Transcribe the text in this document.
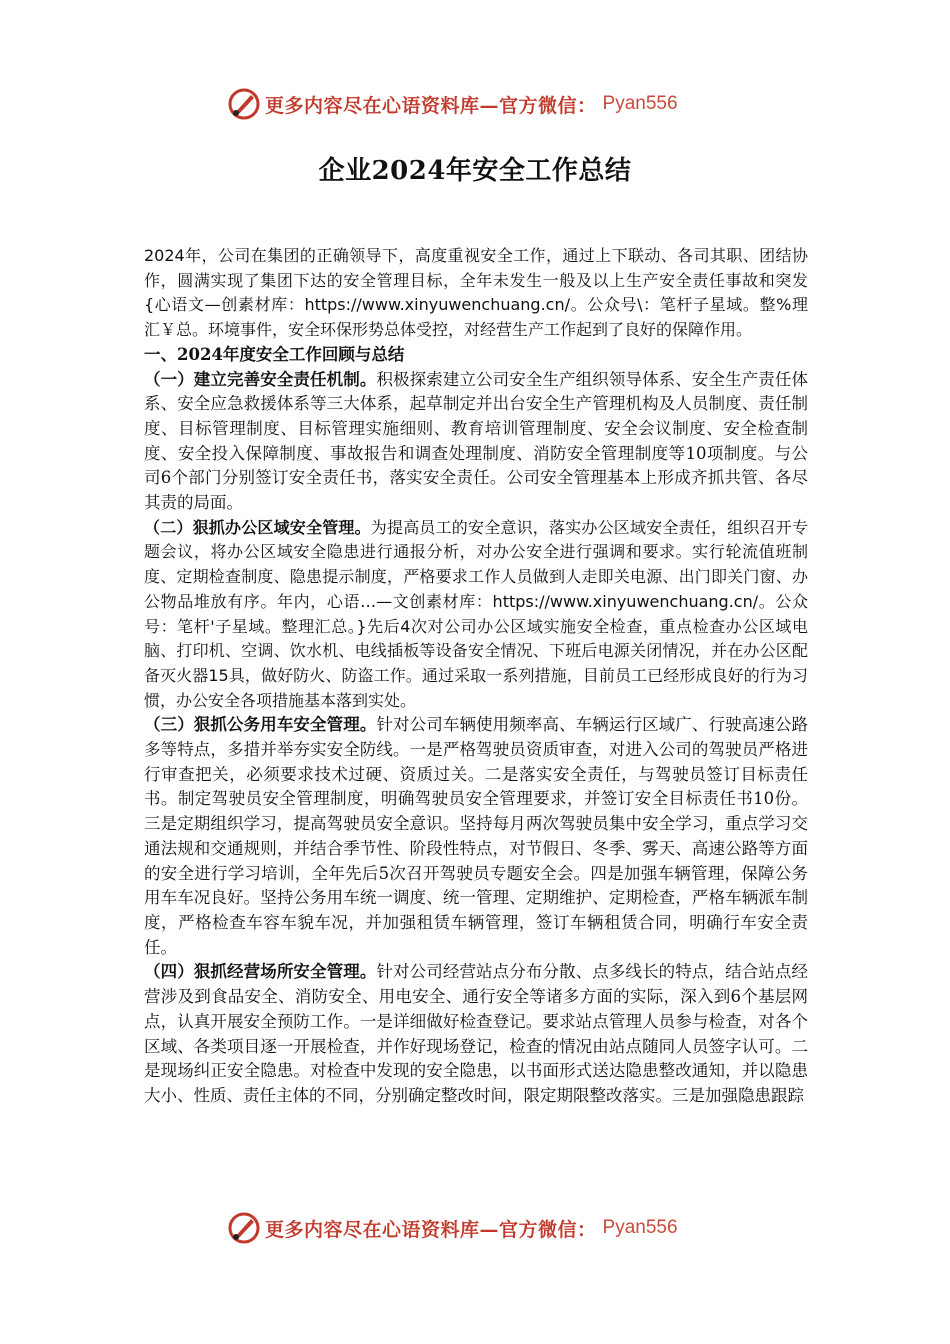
更多内容尽在心语资料库—官方微信： Pyan556
企业2024年安全工作总结

2024年，公司在集团的正确领导下，高度重视安全工作，通过上下联动、各司其职、团结协作，圆满实现了集团下达的安全管理目标，全年未发生一般及以上生产安全责任事故和突发{心语文—创素材库：https://www.xinyuwenchuang.cn/。公众号\：笔杆子星域。整%理汇￥总。环境事件，安全环保形势总体受控，对经营生产工作起到了良好的保障作用。

一、2024年度安全工作回顾与总结

（一）建立完善安全责任机制。积极探索建立公司安全生产组织领导体系、安全生产责任体系、安全应急救援体系等三大体系，起草制定并出台安全生产管理机构及人员制度、责任制度、目标管理制度、目标管理实施细则、教育培训管理制度、安全会议制度、安全检查制度、安全投入保障制度、事故报告和调查处理制度、消防安全管理制度等10项制度。与公司6个部门分别签订安全责任书，落实安全责任。公司安全管理基本上形成齐抓共管、各尽其责的局面。

（二）狠抓办公区域安全管理。为提高员工的安全意识，落实办公区域安全责任，组织召开专题会议，将办公区域安全隐患进行通报分析，对办公安全进行强调和要求。实行轮流值班制度、定期检查制度、隐患提示制度，严格要求工作人员做到人走即关电源、出门即关门窗、办公物品堆放有序。年内，心语…—文创素材库：https://www.xinyuwenchuang.cn/。公众号：笔杆'子星域。整理汇总。}先后4次对公司办公区域实施安全检查，重点检查办公区域电脑、打印机、空调、饮水机、电线插板等设备安全情况、下班后电源关闭情况，并在办公区配备灭火器15具，做好防火、防盗工作。通过采取一系列措施，目前员工已经形成良好的行为习惯，办公安全各项措施基本落到实处。

（三）狠抓公务用车安全管理。针对公司车辆使用频率高、车辆运行区域广、行驶高速公路多等特点，多措并举夯实安全防线。一是严格驾驶员资质审查，对进入公司的驾驶员严格进行审查把关，必须要求技术过硬、资质过关。二是落实安全责任，与驾驶员签订目标责任书。制定驾驶员安全管理制度，明确驾驶员安全管理要求，并签订安全目标责任书10份。三是定期组织学习，提高驾驶员安全意识。坚持每月两次驾驶员集中安全学习，重点学习交通法规和交通规则，并结合季节性、阶段性特点，对节假日、冬季、雾天、高速公路等方面的安全进行学习培训，全年先后5次召开驾驶员专题安全会。四是加强车辆管理，保障公务用车车况良好。坚持公务用车统一调度、统一管理、定期维护、定期检查，严格车辆派车制度，严格检查车容车貌车况，并加强租赁车辆管理，签订车辆租赁合同，明确行车安全责任。

（四）狠抓经营场所安全管理。针对公司经营站点分布分散、点多线长的特点，结合站点经营涉及到食品安全、消防安全、用电安全、通行安全等诸多方面的实际，深入到6个基层网点，认真开展安全预防工作。一是详细做好检查登记。要求站点管理人员参与检查，对各个区域、各类项目逐一开展检查，并作好现场登记，检查的情况由站点随同人员签字认可。二是现场纠正安全隐患。对检查中发现的安全隐患，以书面形式送达隐患整改通知，并以隐患大小、性质、责任主体的不同，分别确定整改时间，限定期限整改落实。三是加强隐患跟踪

更多内容尽在心语资料库—官方微信： Pyan556
